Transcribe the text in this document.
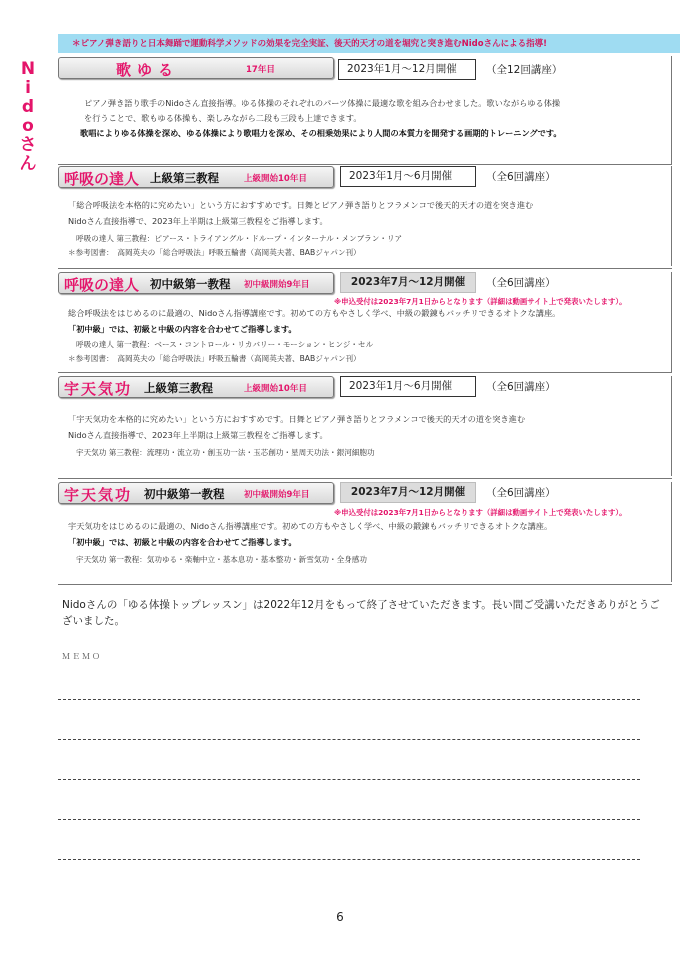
＊ピアノ弾き語りと日本舞踊で運動科学メソッドの効果を完全実証、後天的天才の道を堀究と突き進むNidoさんによる指導!
N
i
d
o
さ
ん
歌ゆる	17年目	2023年1月〜12月開催	（全12回講座）
ピアノ弾き語り歌手のNidoさん直接指導。ゆる体操のそれぞれのパーツ体操に最適な歌を組み合わせました。歌いながらゆる体操
を行うことで、歌もゆる体操も、楽しみながら二段も三段も上達できます。
歌唱によりゆる体操を深め、ゆる体操により歌唱力を深め、その相乗効果により人間の本質力を開発する画期的トレーニングです。
呼吸の達人 上級第三教程	上級開始10年目	2023年1月〜6月開催	（全6回講座）
「総合呼吸法を本格的に究めたい」という方におすすめです。日舞とピアノ弾き語りとフラメンコで後天的天才の道を突き進む
Nidoさん直接指導で、2023年上半期は上級第三教程をご指導します。
呼吸の達人 第三教程：ピアース・トライアングル・ドループ・インターナル・メンブラン・リア
＊参考図書：　高岡英夫の「総合呼吸法」呼吸五輪書（高岡英夫著、BABジャパン刊）
呼吸の達人 初中級第一教程 初中級開始9年目	2023年7月〜12月開催	（全6回講座）
※申込受付は2023年7月1日からとなります（詳細は動画サイト上で発表いたします）。
総合呼吸法をはじめるのに最適の、Nidoさん指導講座です。初めての方もやさしく学べ、中級の鍛錬もバッチリできるオトクな講座。
「初中級」では、初級と中級の内容を合わせてご指導します。
呼吸の達人 第一教程：ベース・コントロール・リカバリー・モーション・ヒンジ・セル
＊参考図書：　高岡英夫の「総合呼吸法」呼吸五輪書（高岡英夫著、BABジャパン刊）
宇天気功 上級第三教程	上級開始10年目	2023年1月〜6月開催	（全6回講座）
「宇天気功を本格的に究めたい」という方におすすめです。日舞とピアノ弾き語りとフラメンコで後天的天才の道を突き進む
Nidoさん直接指導で、2023年上半期は上級第三教程をご指導します。
宇天気功 第三教程：流理功・流立功・創玉功一法・玉芯創功・星周天功法・銀河細胞功
宇天気功 初中級第一教程 初中級開始9年目	2023年7月〜12月開催	（全6回講座）
※申込受付は2023年7月1日からとなります（詳細は動画サイト上で発表いたします）。
宇天気功をはじめるのに最適の、Nidoさん指導講座です。初めての方もやさしく学べ、中級の鍛錬もバッチリできるオトクな講座。
「初中級」では、初級と中級の内容を合わせてご指導します。
宇天気功 第一教程：気功ゆる・楽軸中立・基本息功・基本整功・新雪気功・全身感功
Nidoさんの「ゆる体操トップレッスン」は2022年12月をもって終了させていただきます。長い間ご受講いただきありがとうございました。
ＭＥＭＯ
6
